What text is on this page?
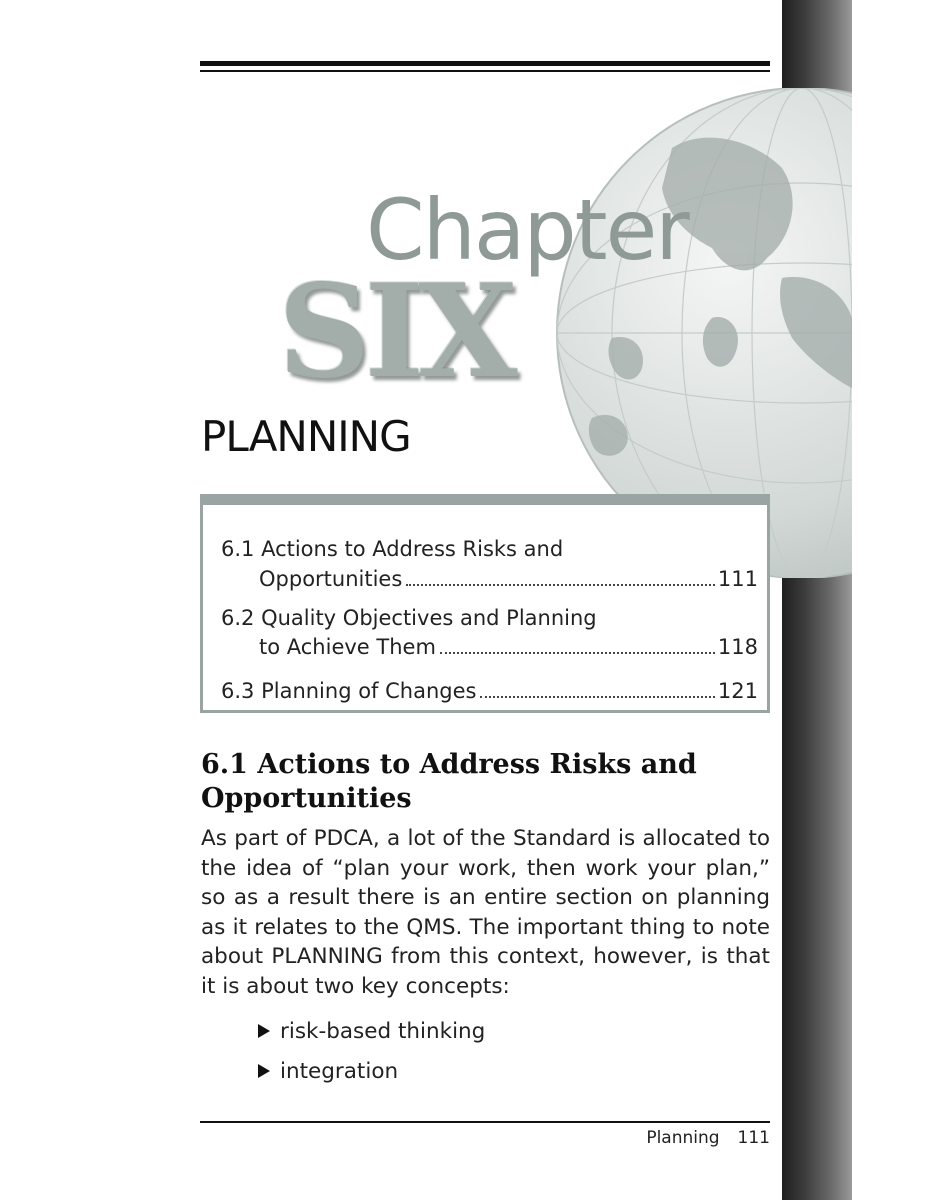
Chapter
SIX
PLANNING
6.1 Actions to Address Risks and
Opportunities	111
6.2 Quality Objectives and Planning
to Achieve Them	118
6.3 Planning of Changes	121
6.1 Actions to Address Risks and Opportunities
As part of PDCA, a lot of the Standard is allocated to the idea of “plan your work, then work your plan,” so as a result there is an entire section on planning as it relates to the QMS. The important thing to note about PLANNING from this context, however, is that it is about two key concepts:
risk-based thinking
integration
Planning 111
